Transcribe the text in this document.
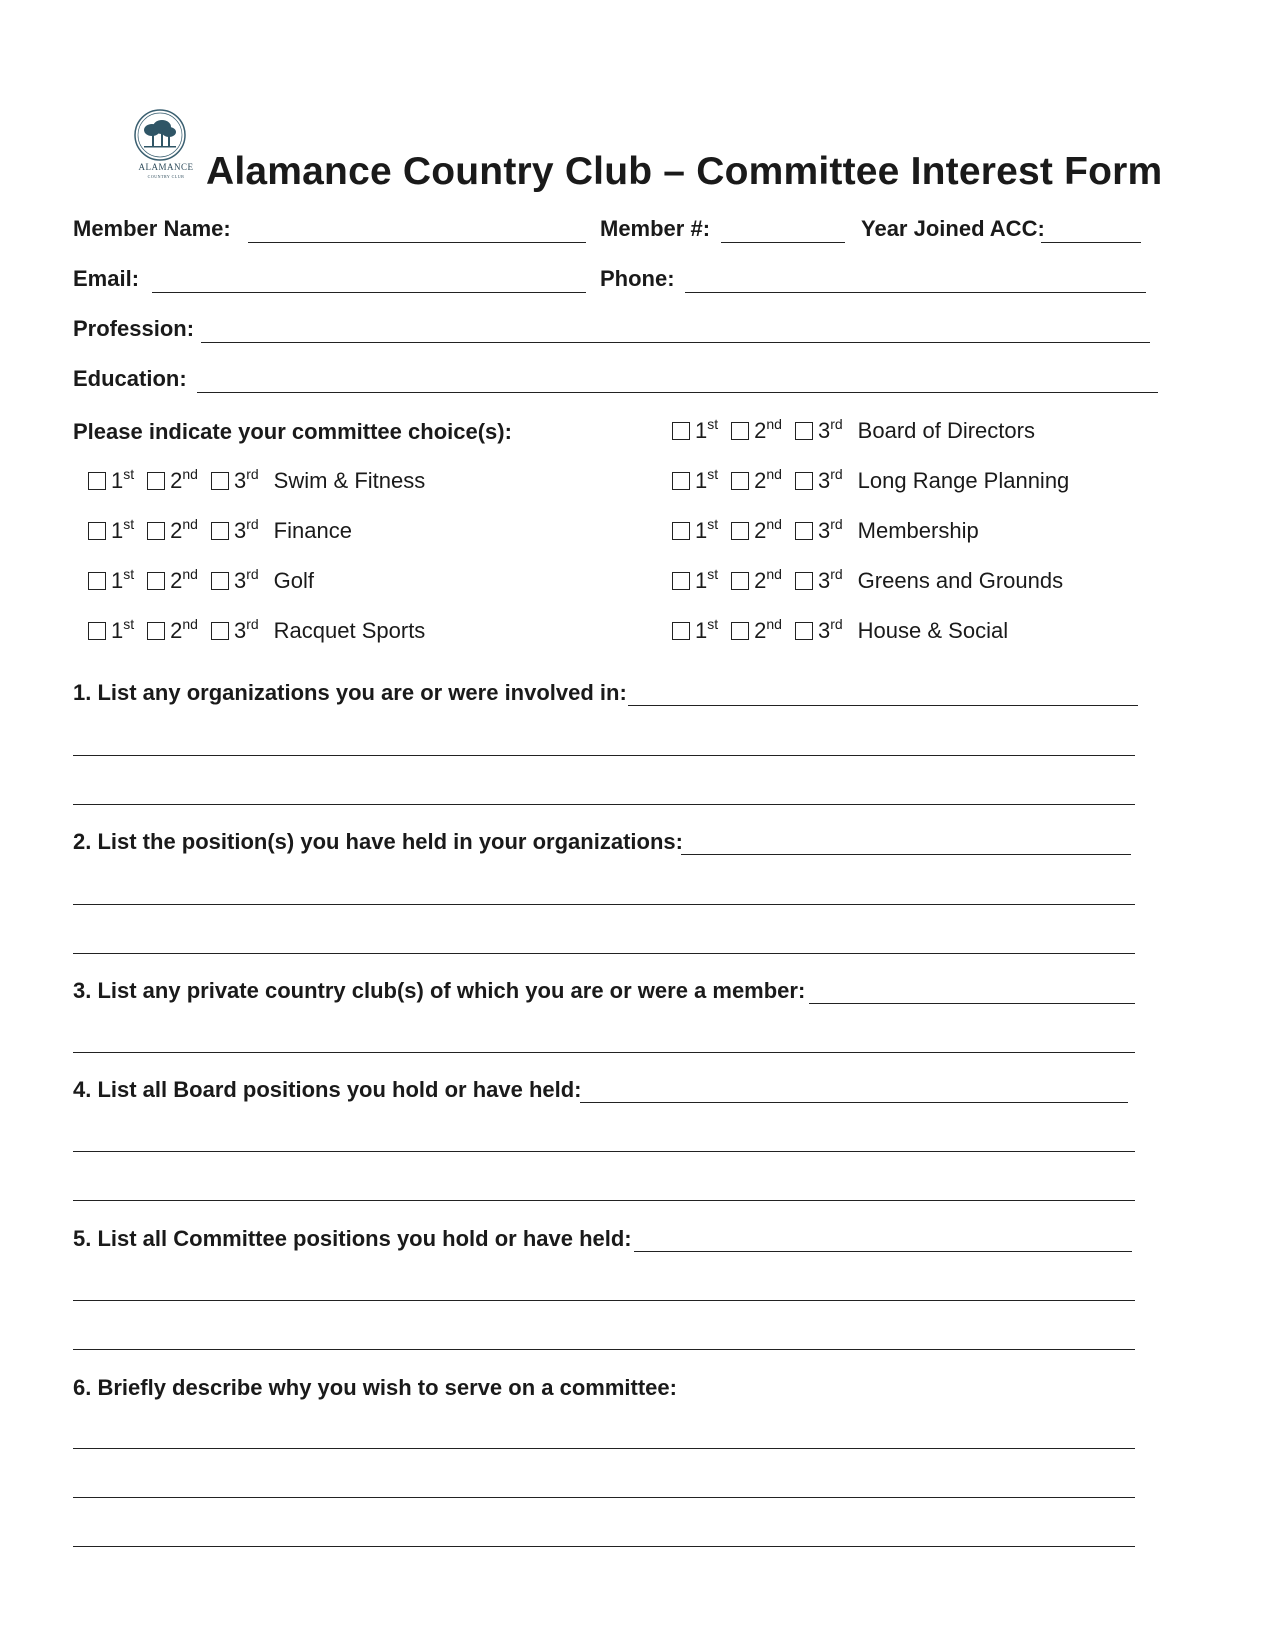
ALAMANCE
COUNTRY CLUB Alamance Country Club – Committee Interest Form
Member Name:	Member #:	Year Joined ACC:
Email:	Phone:
Profession:
Education:
Please indicate your committee choice(s):
1st 2nd 3rd Swim & Fitness
1st 2nd 3rd Finance
1st 2nd 3rd Golf
1st 2nd 3rd Racquet Sports
1st 2nd 3rd Board of Directors
1st 2nd 3rd Long Range Planning
1st 2nd 3rd Membership
1st 2nd 3rd Greens and Grounds
1st 2nd 3rd House & Social
1. List any organizations you are or were involved in:
2. List the position(s) you have held in your organizations:
3. List any private country club(s) of which you are or were a member:
4. List all Board positions you hold or have held:
5. List all Committee positions you hold or have held:
6. Briefly describe why you wish to serve on a committee:
